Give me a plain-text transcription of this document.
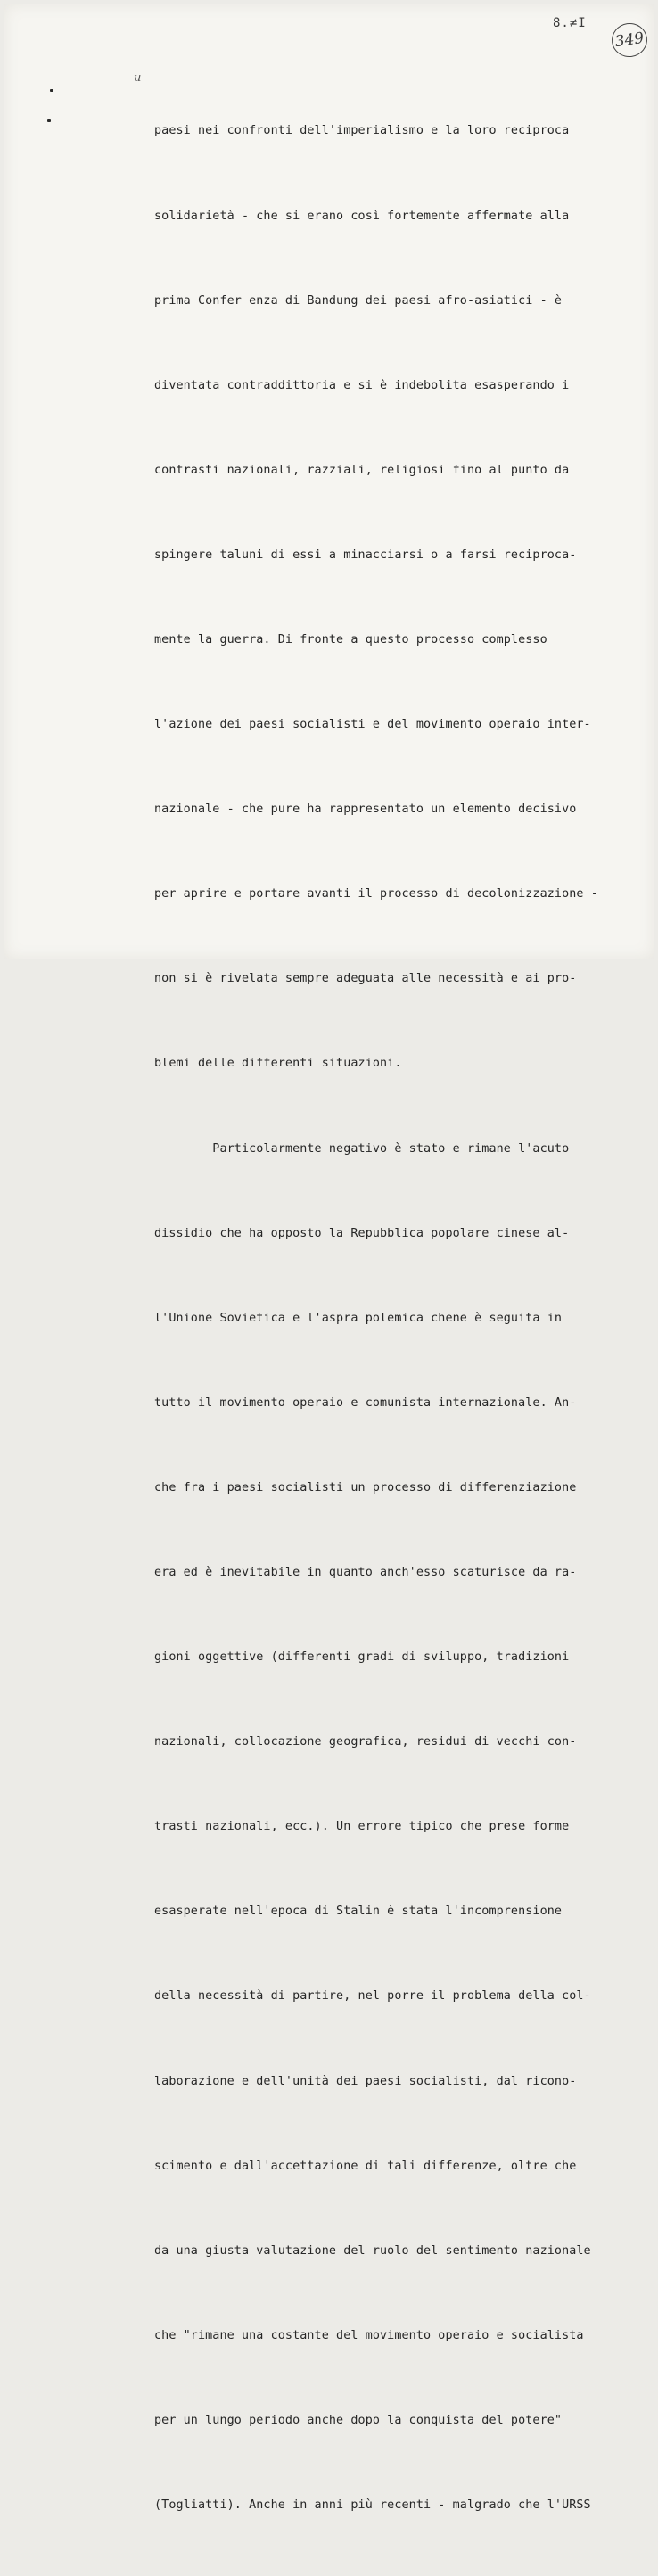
8.≠I
349
u

paesi nei confronti dell'imperialismo e la loro reciproca

solidarietà - che si erano così fortemente affermate alla

prima Confer enza di Bandung dei paesi afro-asiatici - è

diventata contraddittoria e si è indebolita esasperando i

contrasti nazionali, razziali, religiosi fino al punto da

spingere taluni di essi a minacciarsi o a farsi reciproca-

mente la guerra. Di fronte a questo processo complesso

l'azione dei paesi socialisti e del movimento operaio inter-

nazionale - che pure ha rappresentato un elemento decisivo

per aprire e portare avanti il processo di decolonizzazione -

non si è rivelata sempre adeguata alle necessità e ai pro-

blemi delle differenti situazioni.

Particolarmente negativo è stato e rimane l'acuto

dissidio che ha opposto la Repubblica popolare cinese al-

l'Unione Sovietica e l'aspra polemica chene è seguita in

tutto il movimento operaio e comunista internazionale. An-

che fra i paesi socialisti un processo di differenziazione

era ed è inevitabile in quanto anch'esso scaturisce da ra-

gioni oggettive (differenti gradi di sviluppo, tradizioni

nazionali, collocazione geografica, residui di vecchi con-

trasti nazionali, ecc.). Un errore tipico che prese forme

esasperate nell'epoca di Stalin è stata l'incomprensione

della necessità di partire, nel porre il problema della col-

laborazione e dell'unità dei paesi socialisti, dal ricono-

scimento e dall'accettazione di tali differenze, oltre che

da una giusta valutazione del ruolo del sentimento nazionale

che "rimane una costante del movimento operaio e socialista

per un lungo periodo anche dopo la conquista del potere"

(Togliatti). Anche in anni più recenti - malgrado che l'URSS
